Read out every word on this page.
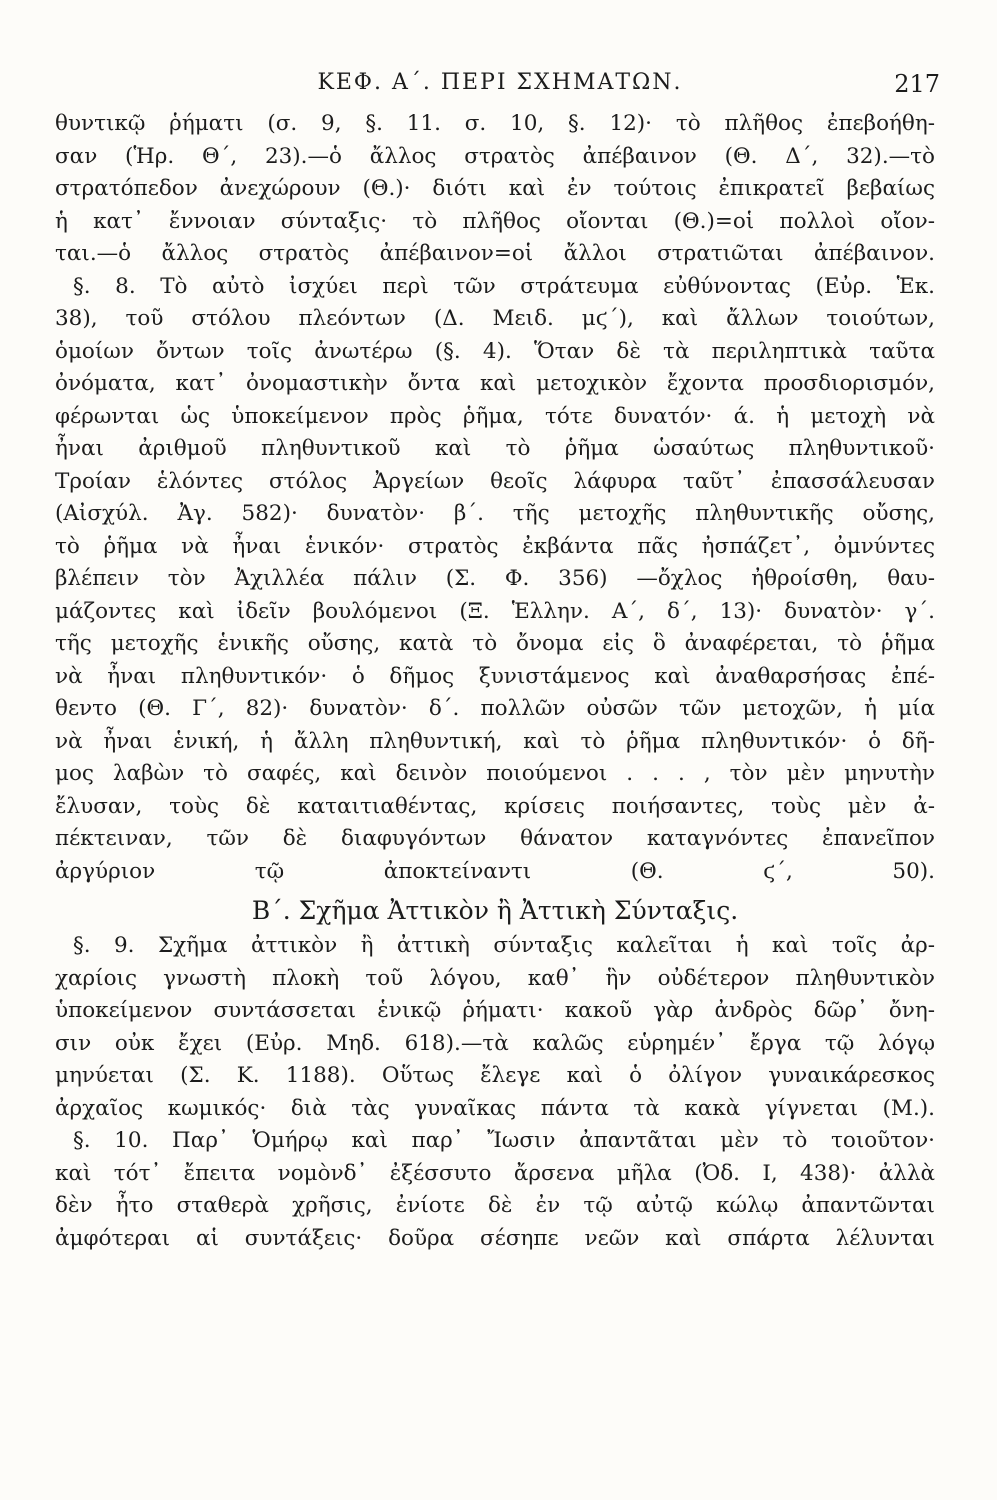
ΚΕΦ. Α΄. ΠΕΡΙ ΣΧΗΜΑΤΩΝ.	217
θυντικῷ ῥήματι (σ. 9, §. 11. σ. 10, §. 12)· τὸ πλῆθος ἐπεβοήθη-
σαν (Ἡρ. Θ΄, 23).—ὁ ἄλλος στρατὸς ἀπέβαινον (Θ. Δ΄, 32).—τὸ
στρατόπεδον ἀνεχώρουν (Θ.)· διότι καὶ ἐν τούτοις ἐπικρατεῖ βεβαίως
ἡ κατ᾿ ἔννοιαν σύνταξις· τὸ πλῆθος οἴονται (Θ.)=οἱ πολλοὶ οἴον-
ται.—ὁ ἄλλος στρατὸς ἀπέβαινον=οἱ ἄλλοι στρατιῶται ἀπέβαινον.
§. 8. Τὸ αὐτὸ ἰσχύει περὶ τῶν στράτευμα εὐθύνοντας (Εὐρ. Ἑκ.
38), τοῦ στόλου πλεόντων (Δ. Μειδ. μϛ΄), καὶ ἄλλων τοιούτων,
ὁμοίων ὄντων τοῖς ἀνωτέρω (§. 4). Ὅταν δὲ τὰ περιληπτικὰ ταῦτα
ὀνόματα, κατ᾿ ὀνομαστικὴν ὄντα καὶ μετοχικὸν ἔχοντα προσδιορισμόν,
φέρωνται ὡς ὑποκείμενον πρὸς ῥῆμα, τότε δυνατόν· ά. ἡ μετοχὴ νὰ
ἦναι ἀριθμοῦ πληθυντικοῦ καὶ τὸ ῥῆμα ὡσαύτως πληθυντικοῦ·
Τροίαν ἑλόντες στόλος Ἀργείων θεοῖς λάφυρα ταῦτ᾿ ἐπασσάλευσαν
(Αἰσχύλ. Ἀγ. 582)· δυνατὸν· β΄. τῆς μετοχῆς πληθυντικῆς οὔσης,
τὸ ῥῆμα νὰ ἦναι ἑνικόν· στρατὸς ἐκβάντα πᾶς ἠσπάζετ᾿, ὀμνύντες
βλέπειν τὸν Ἀχιλλέα πάλιν (Σ. Φ. 356) —ὄχλος ἠθροίσθη, θαυ-
μάζοντες καὶ ἰδεῖν βουλόμενοι (Ξ. Ἑλλην. Α΄, δ΄, 13)· δυνατὸν· γ΄.
τῆς μετοχῆς ἑνικῆς οὔσης, κατὰ τὸ ὄνομα εἰς ὃ ἀναφέρεται, τὸ ῥῆμα
νὰ ἦναι πληθυντικόν· ὁ δῆμος ξυνιστάμενος καὶ ἀναθαρσήσας ἐπέ-
θεντο (Θ. Γ΄, 82)· δυνατὸν· δ΄. πολλῶν οὐσῶν τῶν μετοχῶν, ἡ μία
νὰ ἦναι ἑνική, ἡ ἄλλη πληθυντική, καὶ τὸ ῥῆμα πληθυντικόν· ὁ δῆ-
μος λαβὼν τὸ σαφές, καὶ δεινὸν ποιούμενοι . . . , τὸν μὲν μηνυτὴν
ἔλυσαν, τοὺς δὲ καταιτιαθέντας, κρίσεις ποιήσαντες, τοὺς μὲν ἀ-
πέκτειναν, τῶν δὲ διαφυγόντων θάνατον καταγνόντες ἐπανεῖπον
ἀργύριον τῷ ἀποκτείναντι (Θ. ϛ΄, 50).
Β΄. Σχῆμα Ἀττικὸν ἢ Ἀττικὴ Σύνταξις.
§. 9. Σχῆμα ἀττικὸν ἢ ἀττικὴ σύνταξις καλεῖται ἡ καὶ τοῖς ἀρ-
χαρίοις γνωστὴ πλοκὴ τοῦ λόγου, καθ᾿ ἣν οὐδέτερον πληθυντικὸν
ὑποκείμενον συντάσσεται ἑνικῷ ῥήματι· κακοῦ γὰρ ἀνδρὸς δῶρ᾿ ὄνη-
σιν οὐκ ἔχει (Εὐρ. Μηδ. 618).—τὰ καλῶς εὑρημέν᾿ ἔργα τῷ λόγῳ
μηνύεται (Σ. Κ. 1188). Οὕτως ἔλεγε καὶ ὁ ὀλίγον γυναικάρεσκος
ἀρχαῖος κωμικός· διὰ τὰς γυναῖκας πάντα τὰ κακὰ γίγνεται (Μ.).
§. 10. Παρ᾿ Ὁμήρῳ καὶ παρ᾿ Ἴωσιν ἀπαντᾶται μὲν τὸ τοιοῦτον·
καὶ τότ᾿ ἔπειτα νομὸνδ᾿ ἐξέσσυτο ἄρσενα μῆλα (Ὀδ. Ι, 438)· ἀλλὰ
δὲν ἦτο σταθερὰ χρῆσις, ἐνίοτε δὲ ἐν τῷ αὐτῷ κώλῳ ἀπαντῶνται
ἀμφότεραι αἱ συντάξεις· δοῦρα σέσηπε νεῶν καὶ σπάρτα λέλυνται
